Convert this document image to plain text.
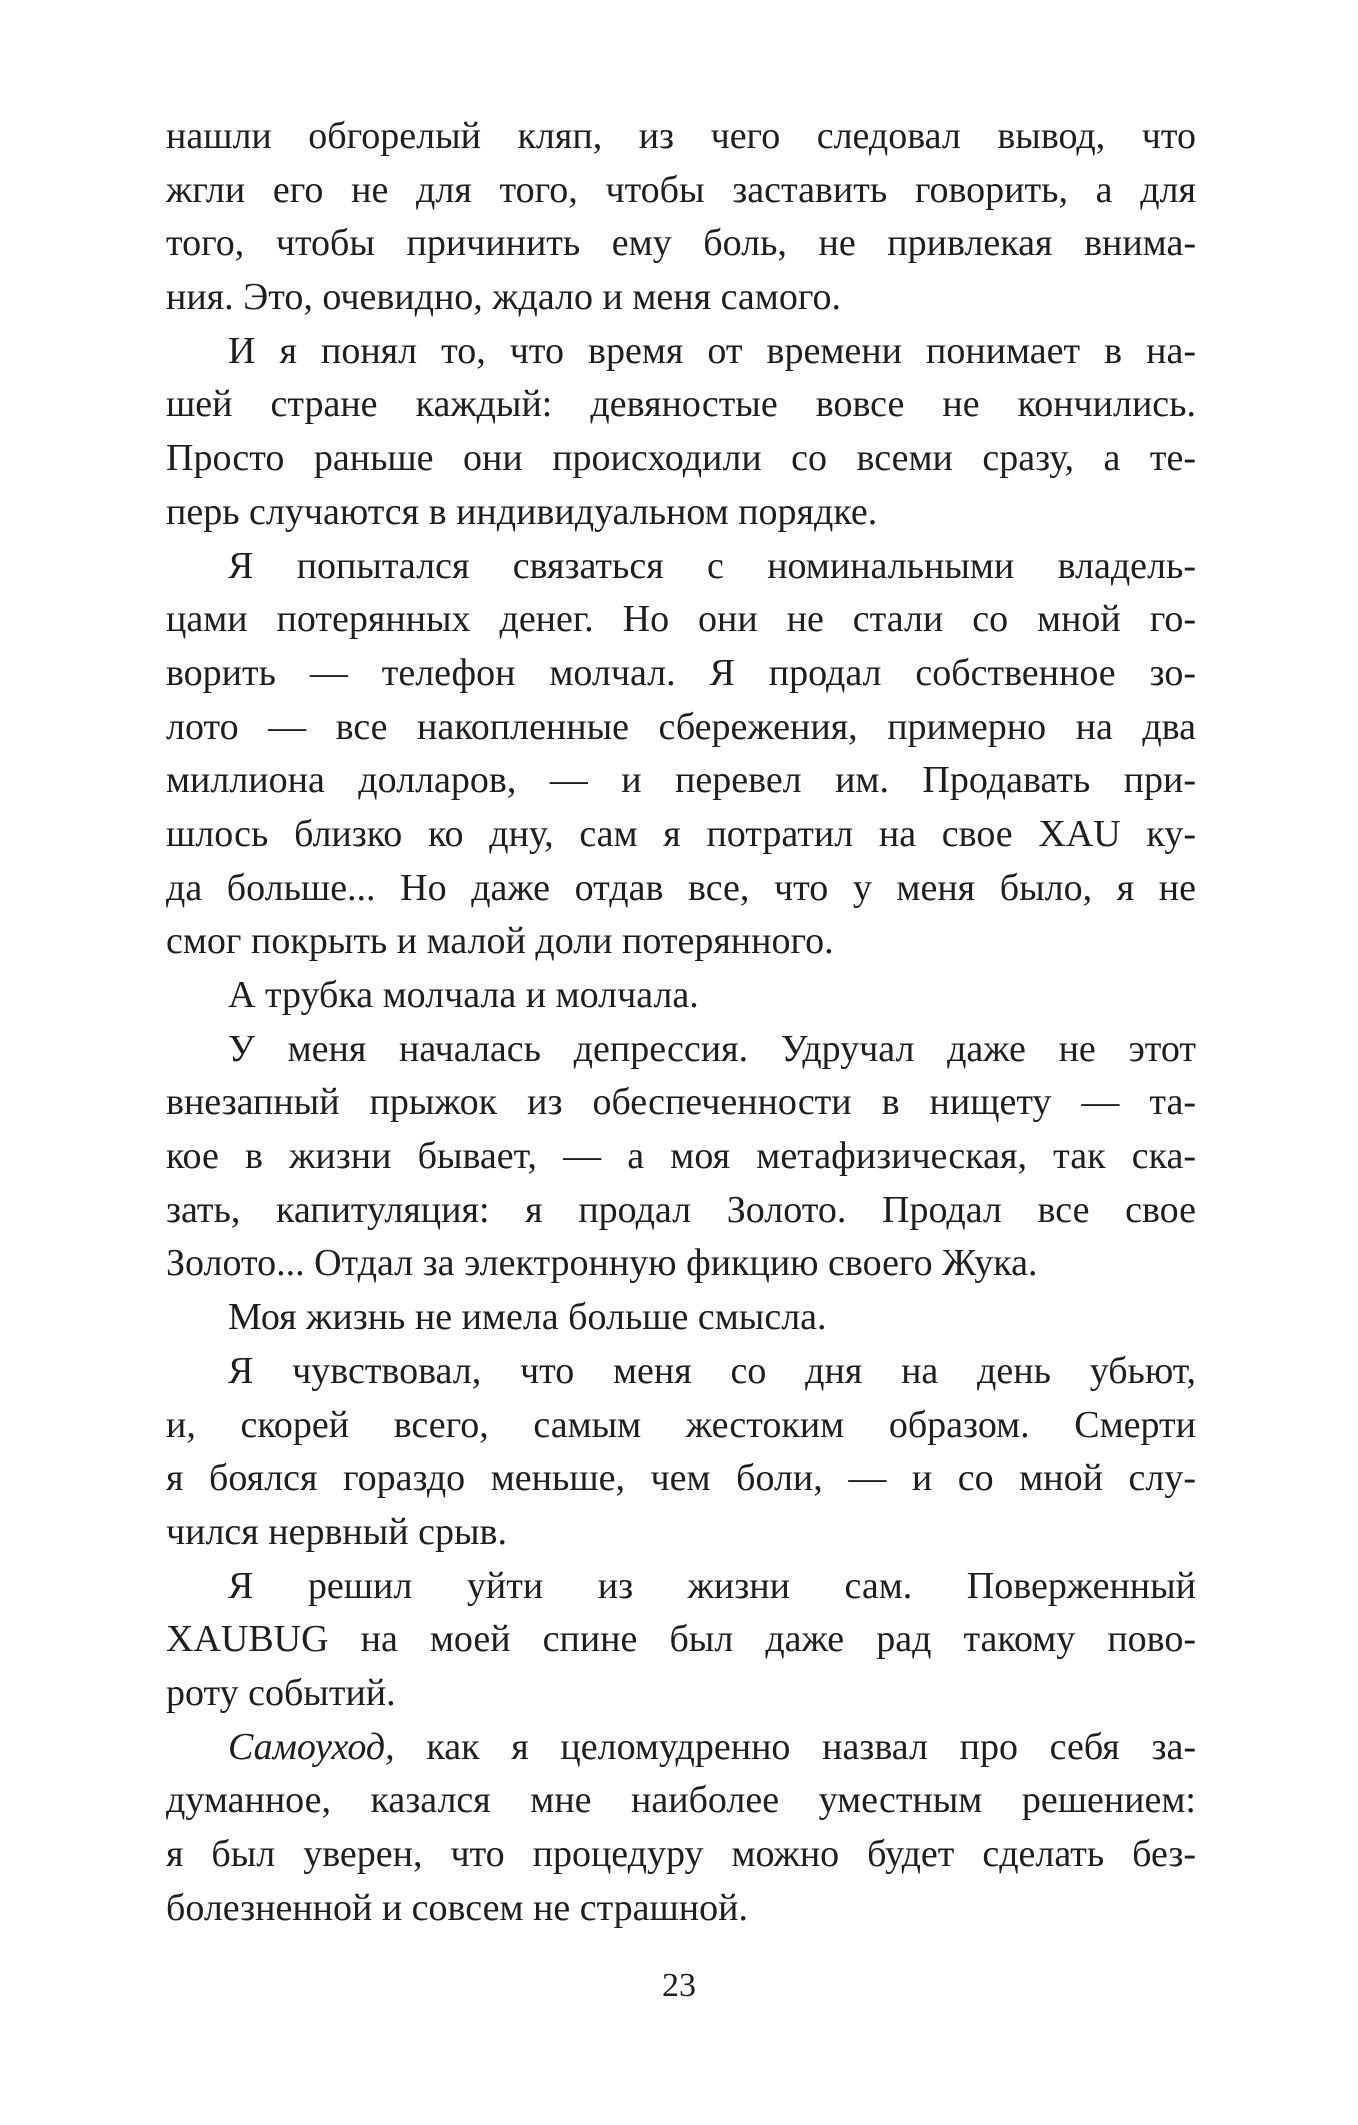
нашли обгорелый кляп, из чего следовал вывод, что
жгли его не для того, чтобы заставить говорить, а для
того, чтобы причинить ему боль, не привлекая внима-
ния. Это, очевидно, ждало и меня самого.
И я понял то, что время от времени понимает в на-
шей стране каждый: девяностые вовсе не кончились.
Просто раньше они происходили со всеми сразу, а те-
перь случаются в индивидуальном порядке.
Я попытался связаться с номинальными владель-
цами потерянных денег. Но они не стали со мной го-
ворить — телефон молчал. Я продал собственное зо-
лото — все накопленные сбережения, примерно на два
миллиона долларов, — и перевел им. Продавать при-
шлось близко ко дну, сам я потратил на свое XAU ку-
да больше... Но даже отдав все, что у меня было, я не
смог покрыть и малой доли потерянного.
А трубка молчала и молчала.
У меня началась депрессия. Удручал даже не этот
внезапный прыжок из обеспеченности в нищету — та-
кое в жизни бывает, — а моя метафизическая, так ска-
зать, капитуляция: я продал Золото. Продал все свое
Золото... Отдал за электронную фикцию своего Жука.
Моя жизнь не имела больше смысла.
Я чувствовал, что меня со дня на день убьют,
и, скорей всего, самым жестоким образом. Смерти
я боялся гораздо меньше, чем боли, — и со мной слу-
чился нервный срыв.
Я решил уйти из жизни сам. Поверженный
XAUBUG на моей спине был даже рад такому пово-
роту событий.
Самоуход, как я целомудренно назвал про себя за-
думанное, казался мне наиболее уместным решением:
я был уверен, что процедуру можно будет сделать без-
болезненной и совсем не страшной.
23
